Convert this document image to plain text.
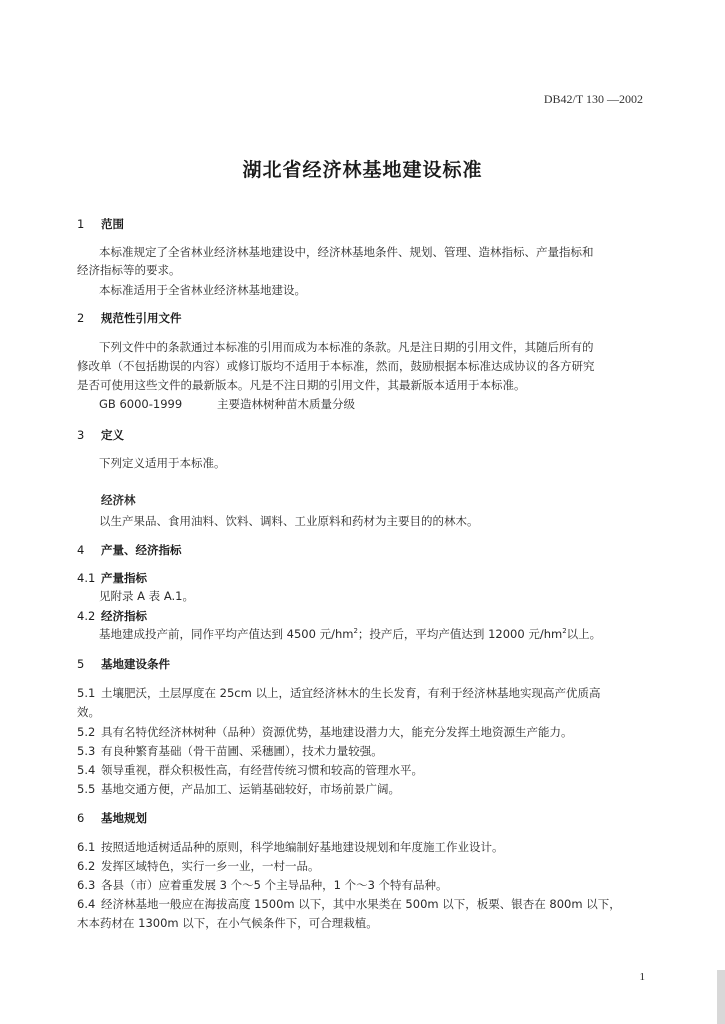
DB42/T 130 —2002
湖北省经济林基地建设标准
1 范围
本标准规定了全省林业经济林基地建设中，经济林基地条件、规划、管理、造林指标、产量指标和
经济指标等的要求。
本标准适用于全省林业经济林基地建设。
2 规范性引用文件
下列文件中的条款通过本标准的引用而成为本标准的条款。凡是注日期的引用文件，其随后所有的
修改单（不包括勘误的内容）或修订版均不适用于本标准，然而，鼓励根据本标准达成协议的各方研究
是否可使用这些文件的最新版本。凡是不注日期的引用文件，其最新版本适用于本标准。
GB 6000-1999	主要造林树种苗木质量分级
3 定义
下列定义适用于本标准。
经济林
以生产果品、食用油料、饮料、调料、工业原料和药材为主要目的的林木。
4 产量、经济指标
4.1 产量指标
见附录 A 表 A.1。
4.2 经济指标
基地建成投产前，同作平均产值达到 4500 元$/hm^2$；投产后，平均产值达到 12000 元$/hm^2$以上。
5 基地建设条件
5.1 土壤肥沃，土层厚度在 25cm 以上，适宜经济林木的生长发育，有利于经济林基地实现高产优质高
效。
5.2 具有名特优经济林树种（品种）资源优势，基地建设潜力大，能充分发挥土地资源生产能力。
5.3 有良种繁育基础（骨干苗圃、采穗圃），技术力量较强。
5.4 领导重视，群众积极性高，有经营传统习惯和较高的管理水平。
5.5 基地交通方便，产品加工、运销基础较好，市场前景广阔。
6 基地规划
6.1 按照适地适树适品种的原则，科学地编制好基地建设规划和年度施工作业设计。
6.2 发挥区域特色，实行一乡一业，一村一品。
6.3 各县（市）应着重发展 3 个～5 个主导品种，1 个～3 个特有品种。
6.4 经济林基地一般应在海拔高度 1500m 以下，其中水果类在 500m 以下，板栗、银杏在 800m 以下，
木本药材在 1300m 以下，在小气候条件下，可合理栽植。
1
